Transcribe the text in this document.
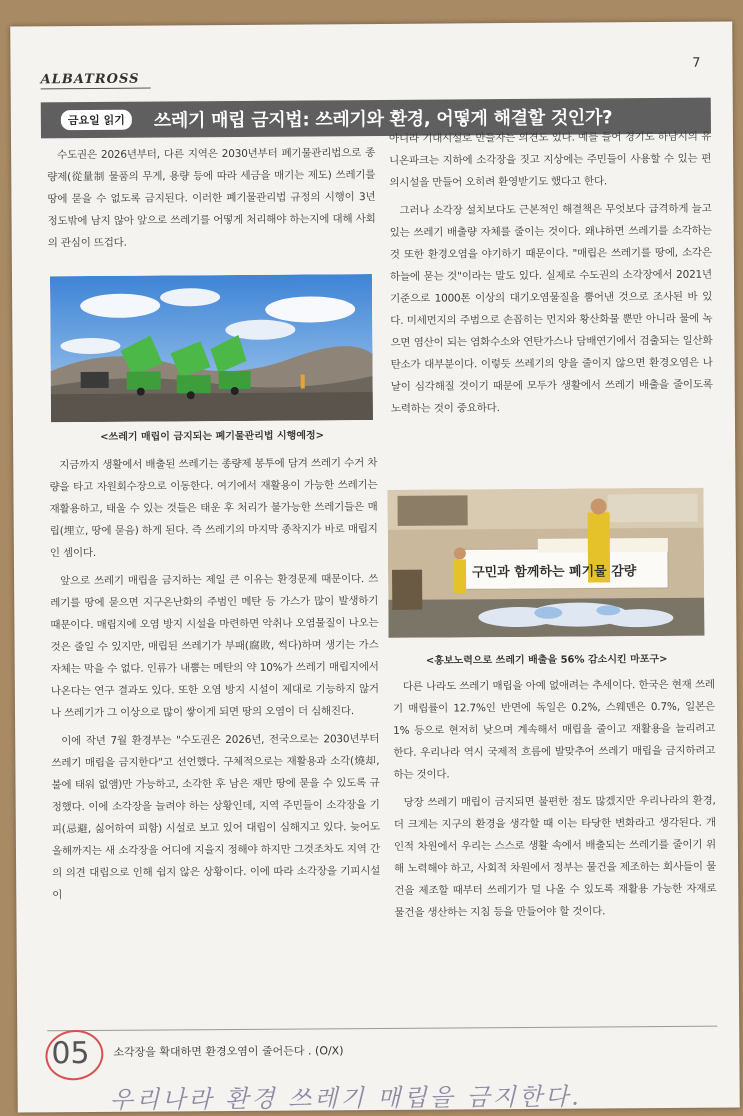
ALBATROSS
7
금요일 읽기	쓰레기 매립 금지법: 쓰레기와 환경, 어떻게 해결할 것인가?

수도권은 2026년부터, 다른 지역은 2030년부터 폐기물관리법으로 종량제(從量制 물품의 무게, 용량 등에 따라 세금을 매기는 제도) 쓰레기를 땅에 묻을 수 없도록 금지된다. 이러한 폐기물관리법 규정의 시행이 3년 정도밖에 남지 않아 앞으로 쓰레기를 어떻게 처리해야 하는지에 대해 사회의 관심이 뜨겁다.

<쓰레기 매립이 금지되는 폐기물관리법 시행예정>

지금까지 생활에서 배출된 쓰레기는 종량제 봉투에 담겨 쓰레기 수거 차량을 타고 자원회수장으로 이동한다. 여기에서 재활용이 가능한 쓰레기는 재활용하고, 태울 수 있는 것들은 태운 후 처리가 불가능한 쓰레기들은 매립(埋立, 땅에 묻음) 하게 된다. 즉 쓰레기의 마지막 종착지가 바로 매립지인 셈이다.

앞으로 쓰레기 매립을 금지하는 제일 큰 이유는 환경문제 때문이다. 쓰레기를 땅에 묻으면 지구온난화의 주범인 메탄 등 가스가 많이 발생하기 때문이다. 매립지에 오염 방지 시설을 마련하면 악취나 오염물질이 나오는 것은 줄일 수 있지만, 매립된 쓰레기가 부패(腐敗, 썩다)하며 생기는 가스 자체는 막을 수 없다. 인류가 내뿜는 메탄의 약 10%가 쓰레기 매립지에서 나온다는 연구 결과도 있다. 또한 오염 방지 시설이 제대로 기능하지 않거나 쓰레기가 그 이상으로 많이 쌓이게 되면 땅의 오염이 더 심해진다.

이에 작년 7월 환경부는 "수도권은 2026년, 전국으로는 2030년부터 쓰레기 매립을 금지한다"고 선언했다. 구체적으로는 재활용과 소각(燒却, 불에 태워 없앰)만 가능하고, 소각한 후 남은 재만 땅에 묻을 수 있도록 규정했다. 이에 소각장을 늘려야 하는 상황인데, 지역 주민들이 소각장을 기피(忌避, 싫어하여 피함) 시설로 보고 있어 대립이 심해지고 있다. 늦어도 올해까지는 새 소각장을 어디에 지을지 정해야 하지만 그것조차도 지역 간의 의견 대립으로 인해 쉽지 않은 상황이다. 이에 따라 소각장을 기피시설이

아니라 기대시설로 만들자는 의견도 있다. 예를 들어 경기도 하남시의 유니온파크는 지하에 소각장을 짓고 지상에는 주민들이 사용할 수 있는 편의시설을 만들어 오히려 환영받기도 했다고 한다.

그러나 소각장 설치보다도 근본적인 해결책은 무엇보다 급격하게 늘고 있는 쓰레기 배출량 자체를 줄이는 것이다. 왜냐하면 쓰레기를 소각하는 것 또한 환경오염을 야기하기 때문이다. "매립은 쓰레기를 땅에, 소각은 하늘에 묻는 것"이라는 말도 있다. 실제로 수도권의 소각장에서 2021년 기준으로 1000톤 이상의 대기오염물질을 뿜어낸 것으로 조사된 바 있다. 미세먼지의 주범으로 손꼽히는 먼지와 황산화물 뿐만 아니라 물에 녹으면 염산이 되는 염화수소와 연탄가스나 담배연기에서 검출되는 일산화탄소가 대부분이다. 이렇듯 쓰레기의 양을 줄이지 않으면 환경오염은 나날이 심각해질 것이기 때문에 모두가 생활에서 쓰레기 배출을 줄이도록 노력하는 것이 중요하다.

구민과 함께하는 폐기물 감량
<홍보노력으로 쓰레기 배출을 56% 감소시킨 마포구>

다른 나라도 쓰레기 매립을 아예 없애려는 추세이다. 한국은 현재 쓰레기 매립률이 12.7%인 반면에 독일은 0.2%, 스웨덴은 0.7%, 일본은 1% 등으로 현저히 낮으며 계속해서 매립을 줄이고 재활용을 늘리려고 한다. 우리나라 역시 국제적 흐름에 발맞추어 쓰레기 매립을 금지하려고 하는 것이다.

당장 쓰레기 매립이 금지되면 불편한 점도 많겠지만 우리나라의 환경, 더 크게는 지구의 환경을 생각할 때 이는 타당한 변화라고 생각된다. 개인적 차원에서 우리는 스스로 생활 속에서 배출되는 쓰레기를 줄이기 위해 노력해야 하고, 사회적 차원에서 정부는 물건을 제조하는 회사들이 물건을 제조할 때부터 쓰레기가 덜 나올 수 있도록 재활용 가능한 자재로 물건을 생산하는 지침 등을 만들어야 할 것이다.

05 소각장을 확대하면 환경오염이 줄어든다 . (O/X)
우리나라 환경 쓰레기 매립을 금지한다.
